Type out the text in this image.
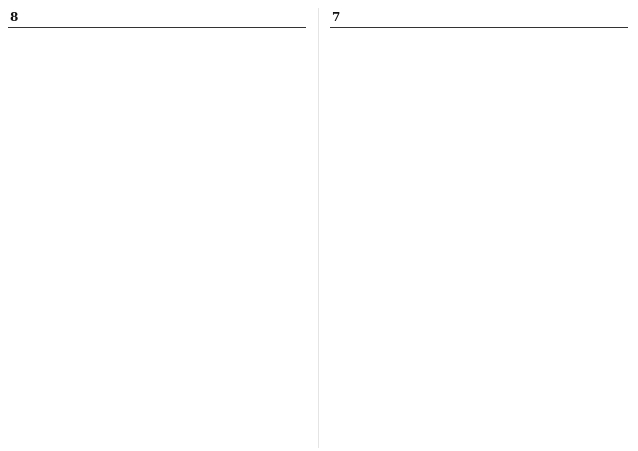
8	7
